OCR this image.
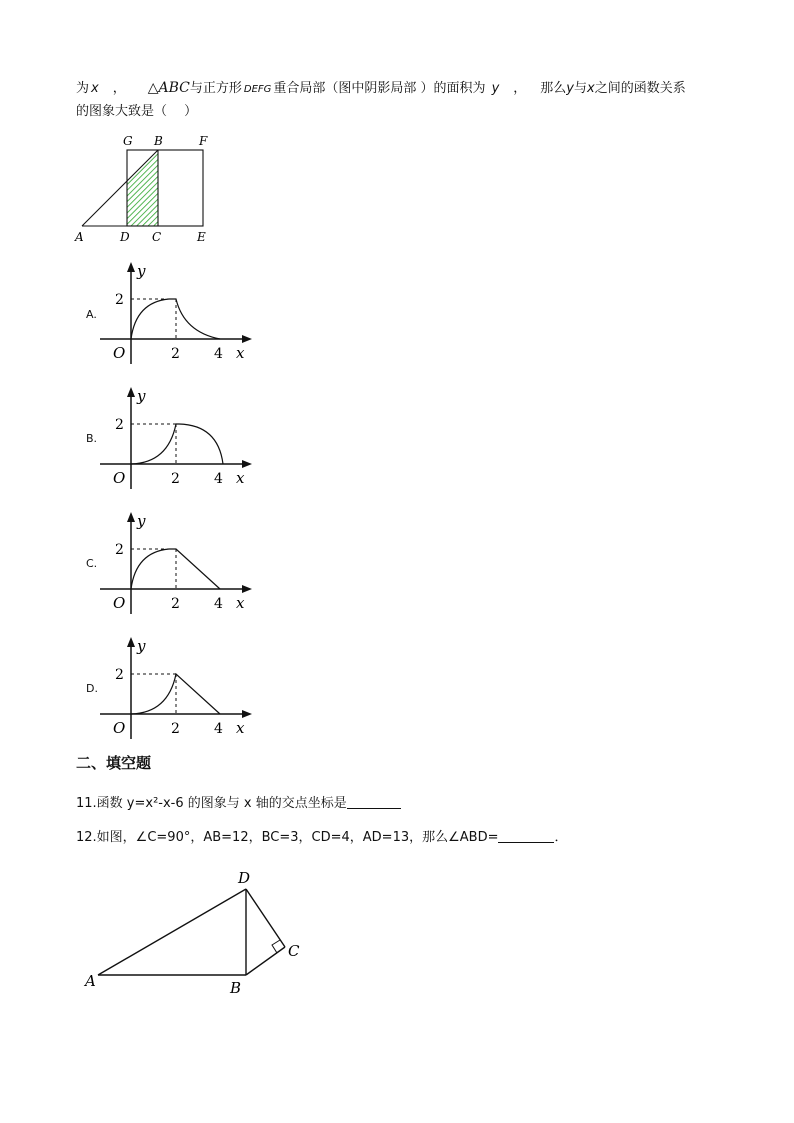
为 x ， △ABC与正方形 DEFG 重合局部（图中阴影局部 ）的面积为 y ， 那么y与x之间的函数关系
的图象大致是（　 ）
G B	F
A	D C	E
A.
2
O	2 4 x
y
B.
2
O	2 4 x
y
C.
2
O	2 4 x
y
D.
2
O	2 4 x
y
二、填空题
11.函数 y=x²-x-6 的图象与 x 轴的交点坐标是
12.如图，∠C=90°，AB=12，BC=3，CD=4，AD=13，那么∠ABD=	．
A	B
C
D
